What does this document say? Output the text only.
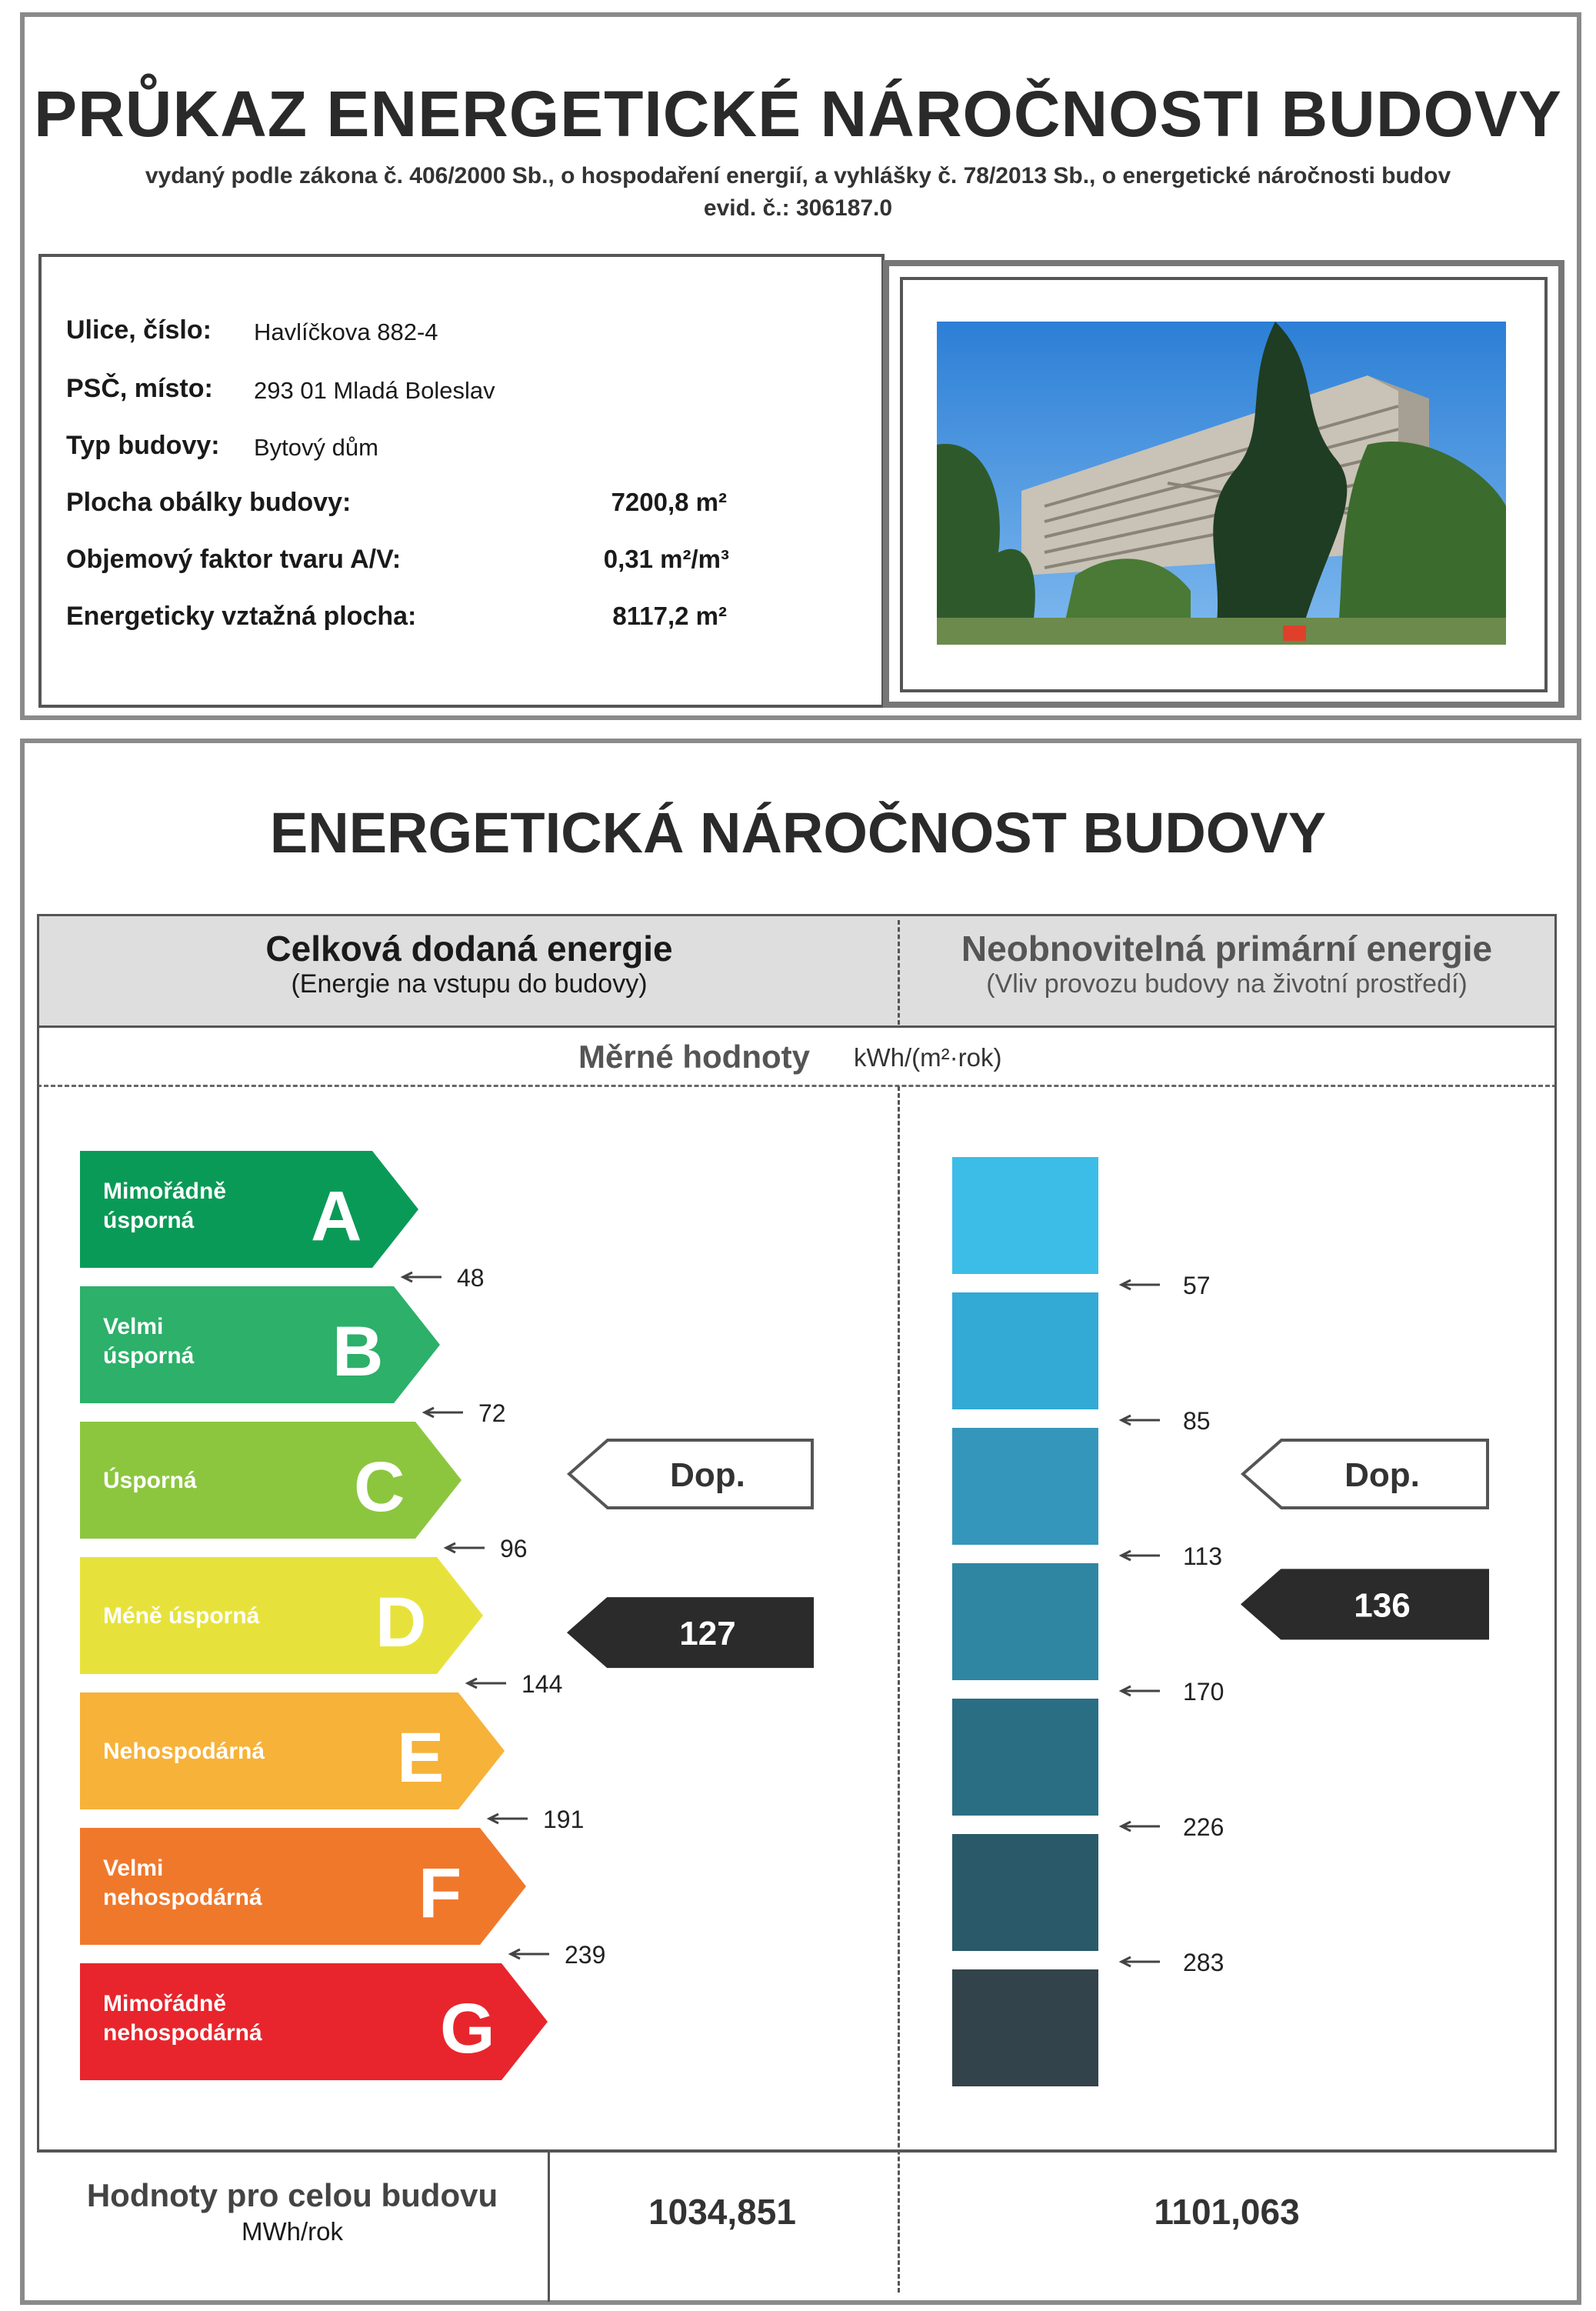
PRŮKAZ ENERGETICKÉ NÁROČNOSTI BUDOVY
vydaný podle zákona č. 406/2000 Sb., o hospodaření energií, a vyhlášky č. 78/2013 Sb., o energetické náročnosti budov
evid. č.: 306187.0
Ulice, číslo: Havlíčkova 882-4
PSČ, místo: 293 01 Mladá Boleslav
Typ budovy: Bytový dům
Plocha obálky budovy:	7200,8 m²
Objemový faktor tvaru A/V:	0,31 m²/m³
Energeticky vztažná plocha:	8117,2 m²
ENERGETICKÁ NÁROČNOST BUDOVY
Celková dodaná energie
(Energie na vstupu do budovy)
Neobnovitelná primární energie
(Vliv provozu budovy na životní prostředí)
Měrné hodnoty kWh/(m²·rok)
Mimořádně
úsporná A
Velmi
úsporná B
Úsporná C
Méně úsporná D
Nehospodárná E
Velmi
nehospodárná F
Mimořádně
nehospodárná	G
48
72
96
144
191
239
57
85
113
170
226
283
Dop.
127
Dop.
136
Hodnoty pro celou budovu
MWh/rok	1034,851	1101,063
